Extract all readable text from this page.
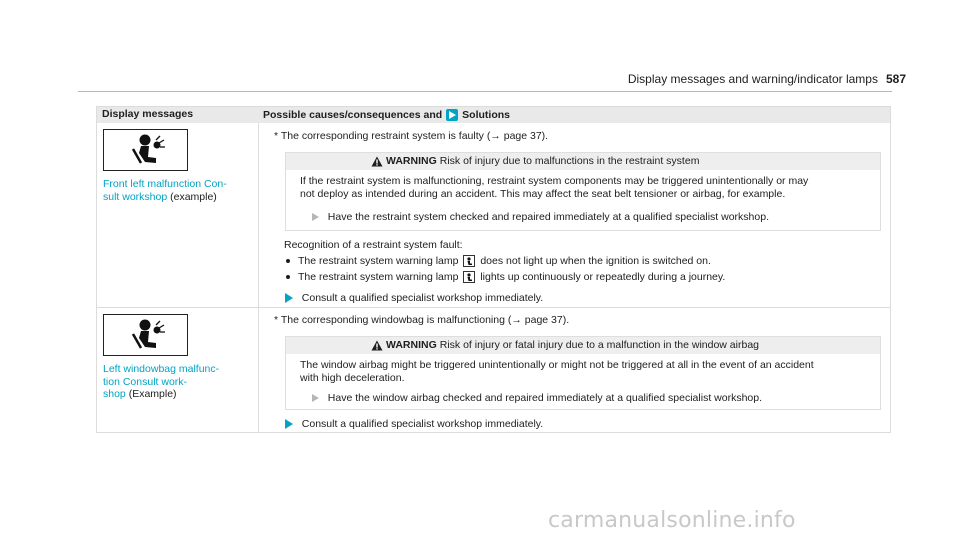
Display messages and warning/indicator lamps 587
Display messages	Possible causes/consequences and Solutions
Front left malfunction Con-
sult workshop (example)
* The corresponding restraint system is faulty (→ page 37).
WARNING Risk of injury due to malfunctions in the restraint system
If the restraint system is malfunctioning, restraint system components may be triggered unintentionally or may
not deploy as intended during an accident. This may affect the seat belt tensioner or airbag, for example.
Have the restraint system checked and repaired immediately at a qualified specialist workshop.
Recognition of a restraint system fault:
The restraint system warning lamp does not light up when the ignition is switched on.
The restraint system warning lamp lights up continuously or repeatedly during a journey.
Consult a qualified specialist workshop immediately.
Left windowbag malfunc-
tion Consult work-
shop (Example)
* The corresponding windowbag is malfunctioning (→ page 37).
WARNING Risk of injury or fatal injury due to a malfunction in the window airbag
The window airbag might be triggered unintentionally or might not be triggered at all in the event of an accident
with high deceleration.
Have the window airbag checked and repaired immediately at a qualified specialist workshop.
Consult a qualified specialist workshop immediately.
carmanualsonline.info
